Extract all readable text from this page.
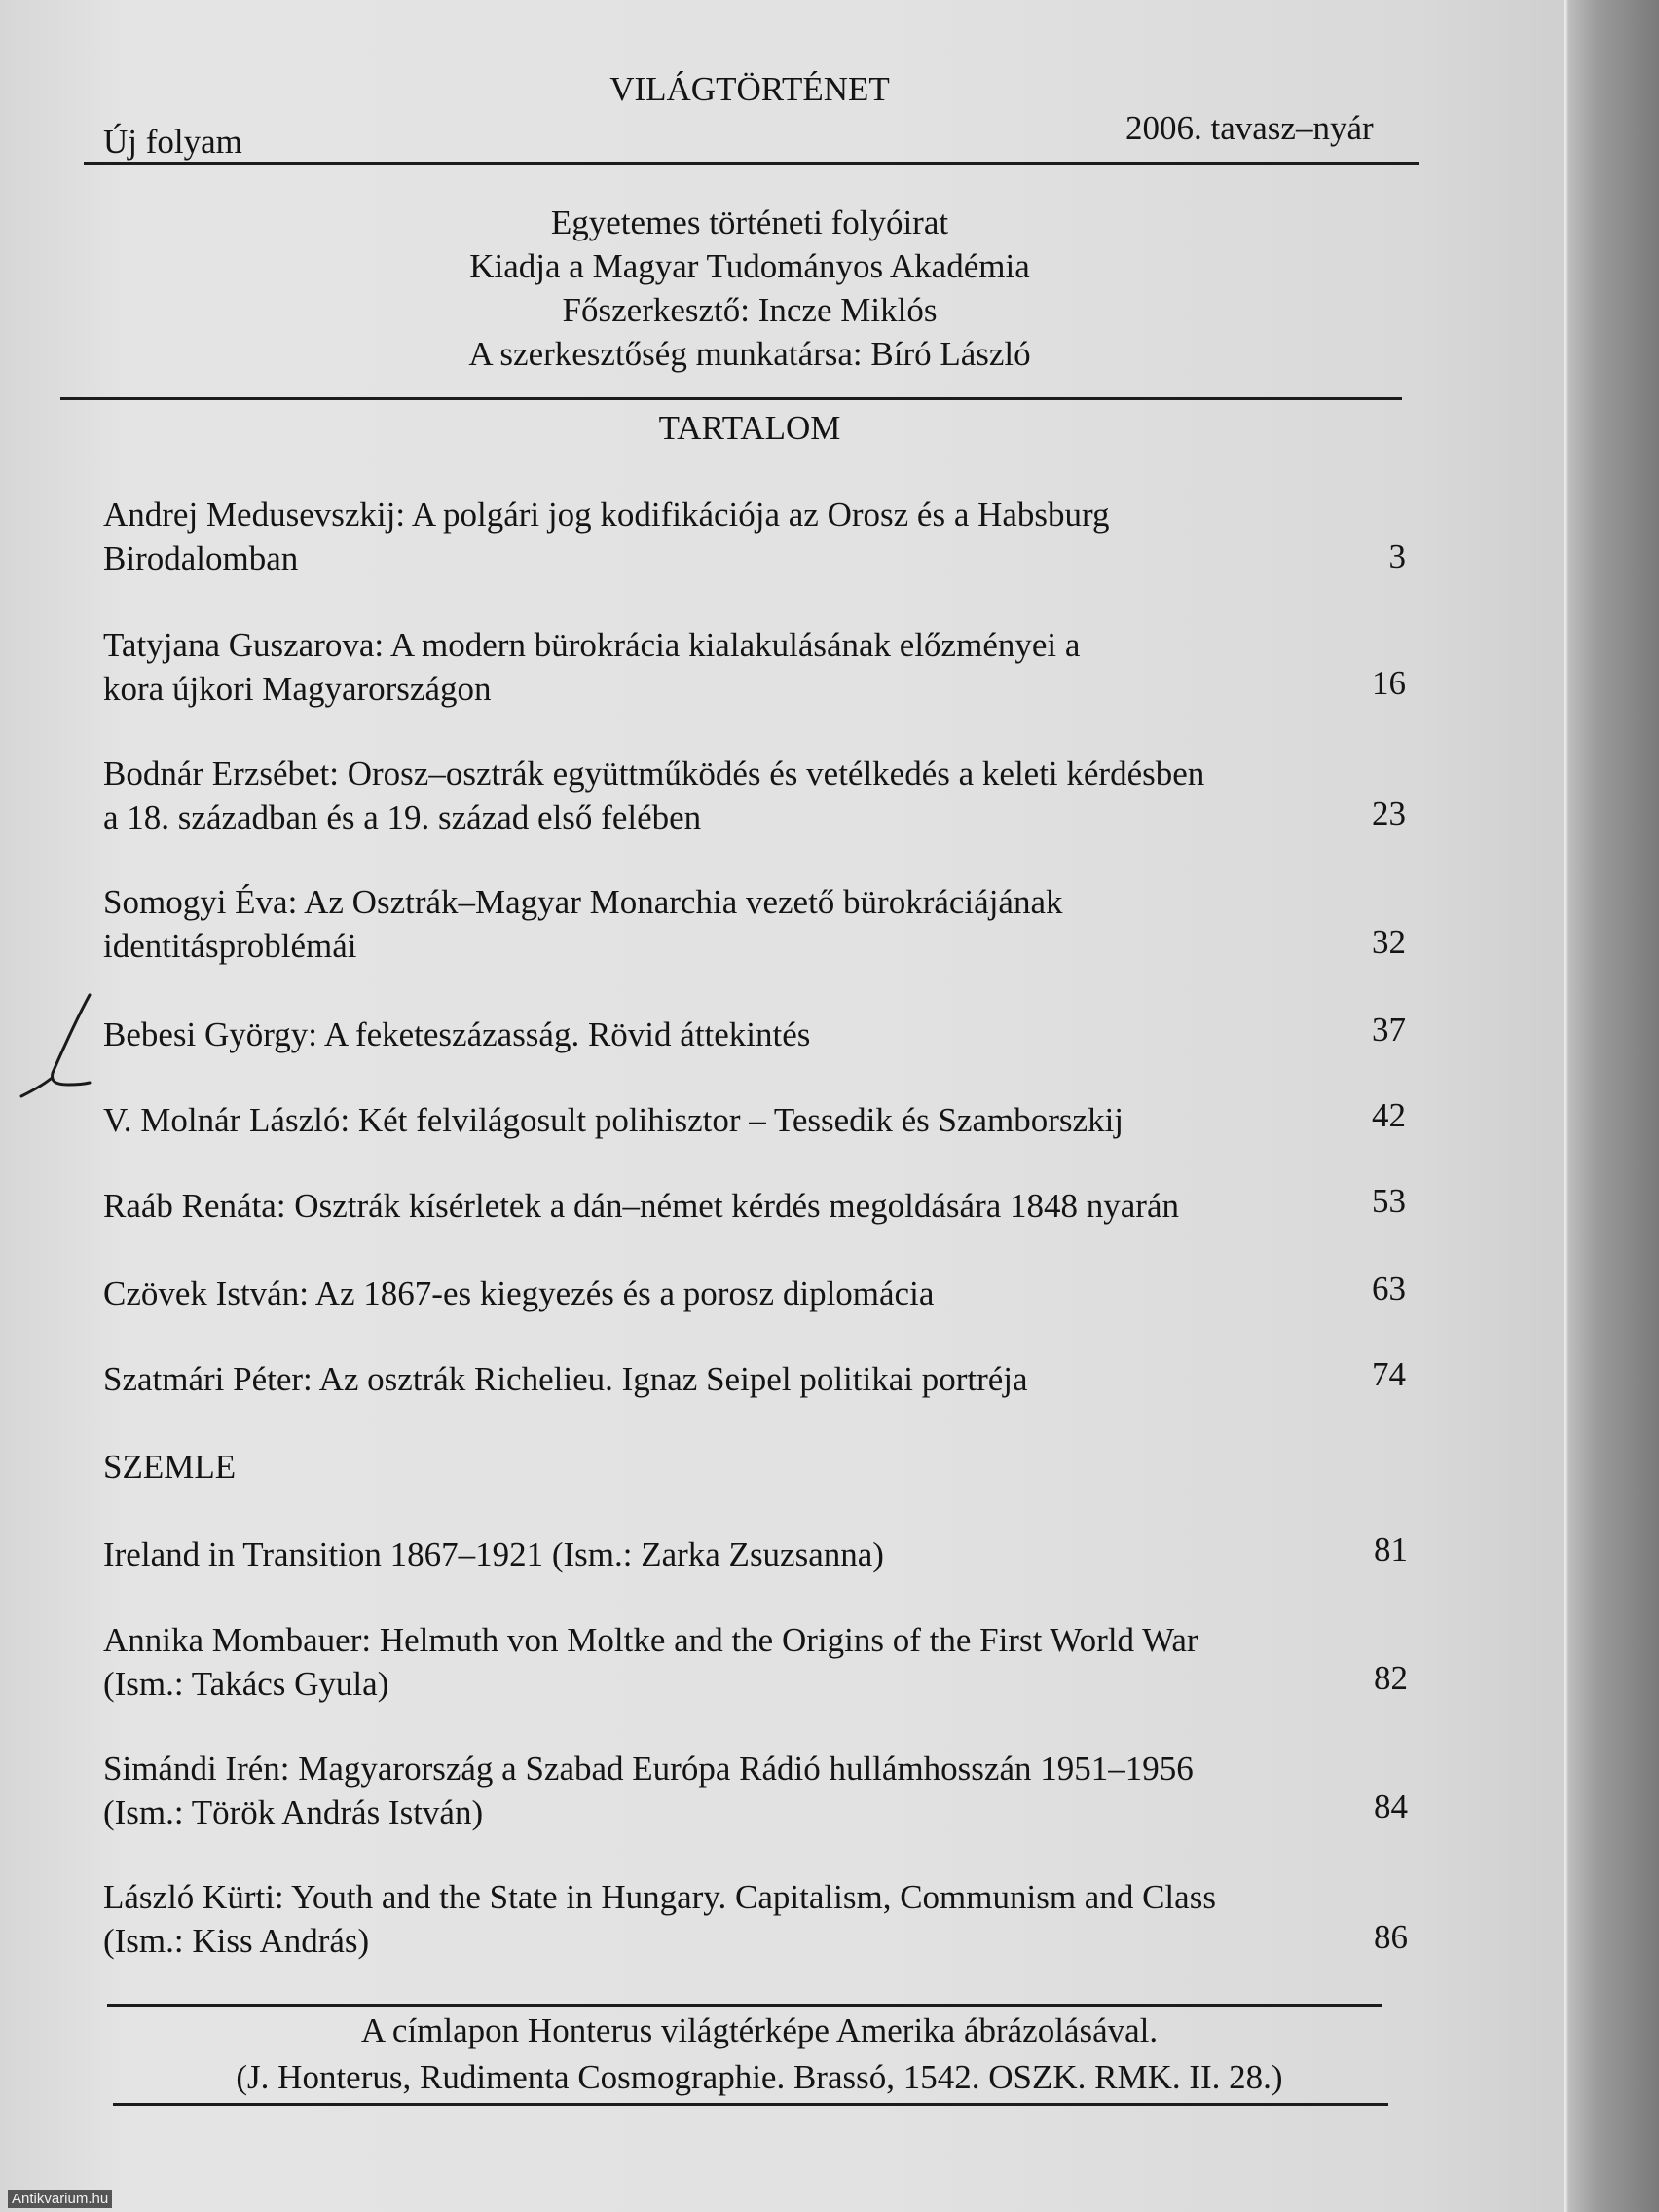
VILÁGTÖRTÉNET
Új folyam	2006. tavasz–nyár
Egyetemes történeti folyóirat
Kiadja a Magyar Tudományos Akadémia
Főszerkesztő: Incze Miklós
A szerkesztőség munkatársa: Bíró László
TARTALOM
Andrej Medusevszkij: A polgári jog kodifikációja az Orosz és a Habsburg
Birodalomban	3
Tatyjana Guszarova: A modern bürokrácia kialakulásának előzményei a
kora újkori Magyarországon	16
Bodnár Erzsébet: Orosz–osztrák együttműködés és vetélkedés a keleti kérdésben
a 18. században és a 19. század első felében	23
Somogyi Éva: Az Osztrák–Magyar Monarchia vezető bürokráciájának
identitásproblémái	32
Bebesi György: A feketeszázasság. Rövid áttekintés	37
V. Molnár László: Két felvilágosult polihisztor – Tessedik és Szamborszkij	42
Raáb Renáta: Osztrák kísérletek a dán–német kérdés megoldására 1848 nyarán	53
Czövek István: Az 1867-es kiegyezés és a porosz diplomácia	63
Szatmári Péter: Az osztrák Richelieu. Ignaz Seipel politikai portréja	74
SZEMLE
Ireland in Transition 1867–1921 (Ism.: Zarka Zsuzsanna)	81
Annika Mombauer: Helmuth von Moltke and the Origins of the First World War
(Ism.: Takács Gyula)	82
Simándi Irén: Magyarország a Szabad Európa Rádió hullámhosszán 1951–1956
(Ism.: Török András István)	84
László Kürti: Youth and the State in Hungary. Capitalism, Communism and Class
(Ism.: Kiss András)	86
A címlapon Honterus világtérképe Amerika ábrázolásával.
(J. Honterus, Rudimenta Cosmographie. Brassó, 1542. OSZK. RMK. II. 28.)
Antikvarium.hu
